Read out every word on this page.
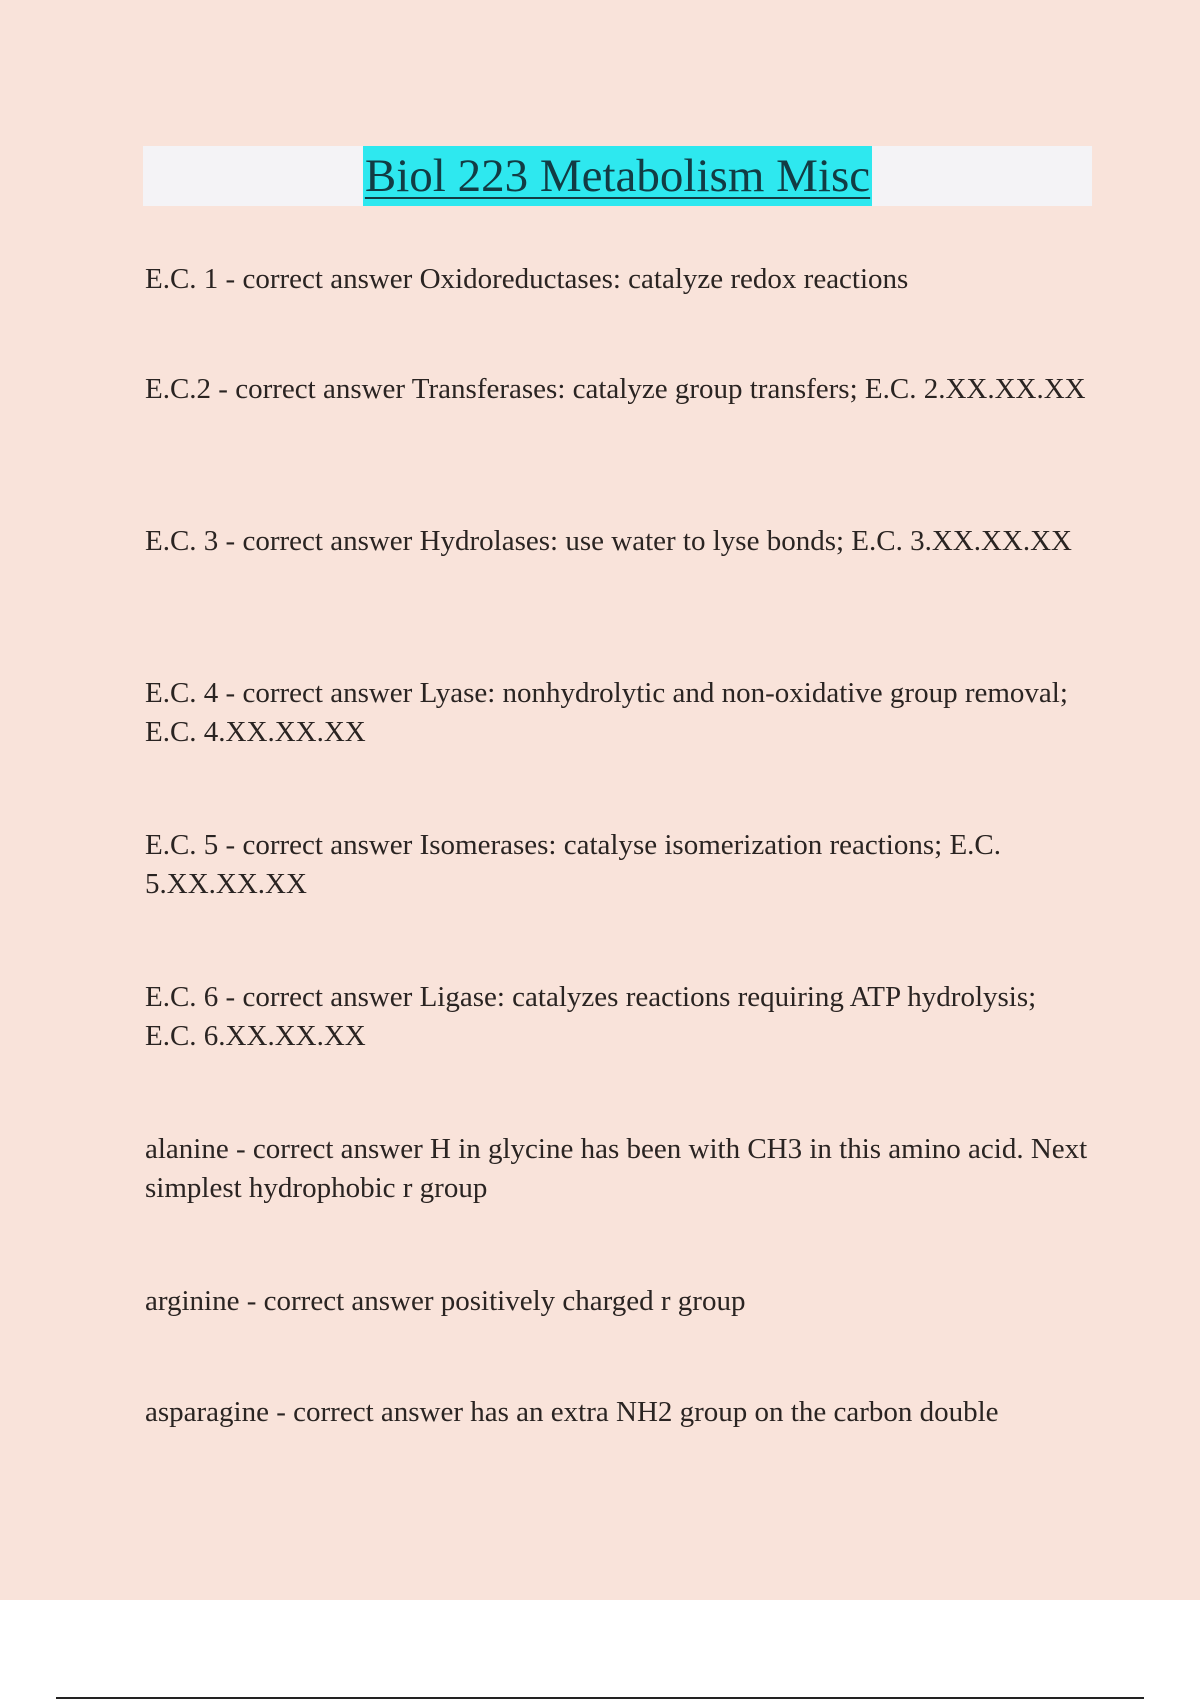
Biol 223 Metabolism Misc

E.C. 1 - correct answer Oxidoreductases: catalyze redox reactions

E.C.2 - correct answer Transferases: catalyze group transfers; E.C. 2.XX.XX.XX

E.C. 3 - correct answer Hydrolases: use water to lyse bonds; E.C. 3.XX.XX.XX

E.C. 4 - correct answer Lyase: nonhydrolytic and non-oxidative group removal; E.C. 4.XX.XX.XX

E.C. 5 - correct answer Isomerases: catalyse isomerization reactions; E.C. 5.XX.XX.XX

E.C. 6 - correct answer Ligase: catalyzes reactions requiring ATP hydrolysis; E.C. 6.XX.XX.XX

alanine - correct answer H in glycine has been with CH3 in this amino acid. Next simplest hydrophobic r group

arginine - correct answer positively charged r group

asparagine - correct answer has an extra NH2 group on the carbon double
